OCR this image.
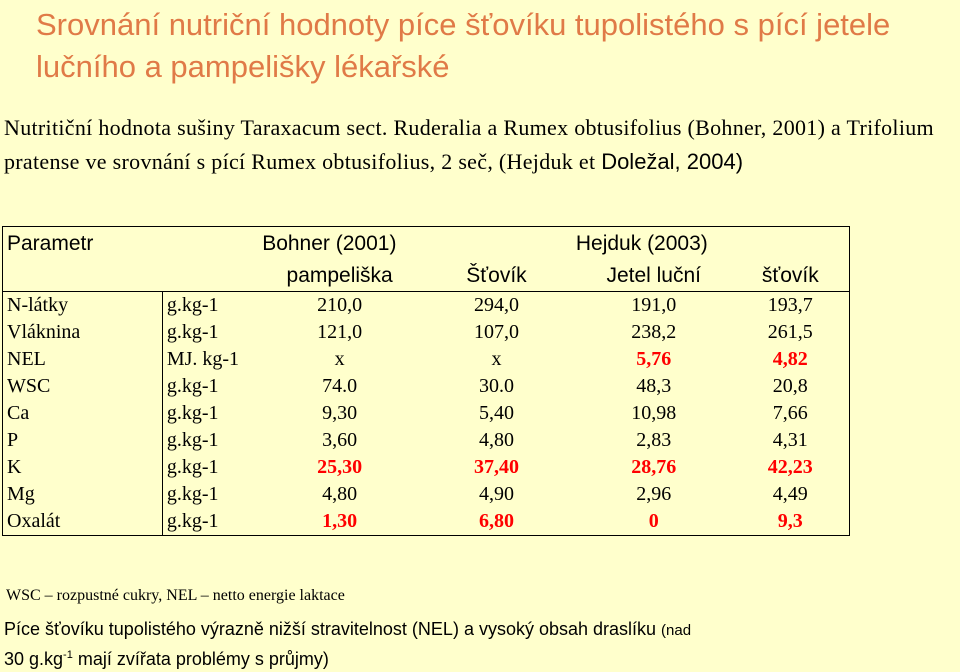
Srovnání nutriční hodnoty píce šťovíku tupolistého s pící jetele lučního a pampelišky lékařské
Nutritiční hodnota sušiny Taraxacum sect. Ruderalia a Rumex obtusifolius (Bohner, 2001) a Trifolium pratense ve srovnání s pící Rumex obtusifolius, 2 seč, (Hejduk et Doležal, 2004)
Parametr		Bohner (2001)		Hejduk (2003)	
		pampeliška	Šťovík	Jetel luční	šťovík
N-látky	g.kg-1	210,0	294,0	191,0	193,7
Vláknina	g.kg-1	121,0	107,0	238,2	261,5
NEL	MJ. kg-1	x	x	5,76	4,82
WSC	g.kg-1	74.0	30.0	48,3	20,8
Ca	g.kg-1	9,30	5,40	10,98	7,66
P	g.kg-1	3,60	4,80	2,83	4,31
K	g.kg-1	25,30	37,40	28,76	42,23
Mg	g.kg-1	4,80	4,90	2,96	4,49
Oxalát	g.kg-1	1,30	6,80	0	9,3
WSC – rozpustné cukry, NEL – netto energie laktace
Píce šťovíku tupolistého výrazně nižší stravitelnost (NEL) a vysoký obsah draslíku (nad
30 $g.kg^{-1}$ mají zvířata problémy s průjmy)
